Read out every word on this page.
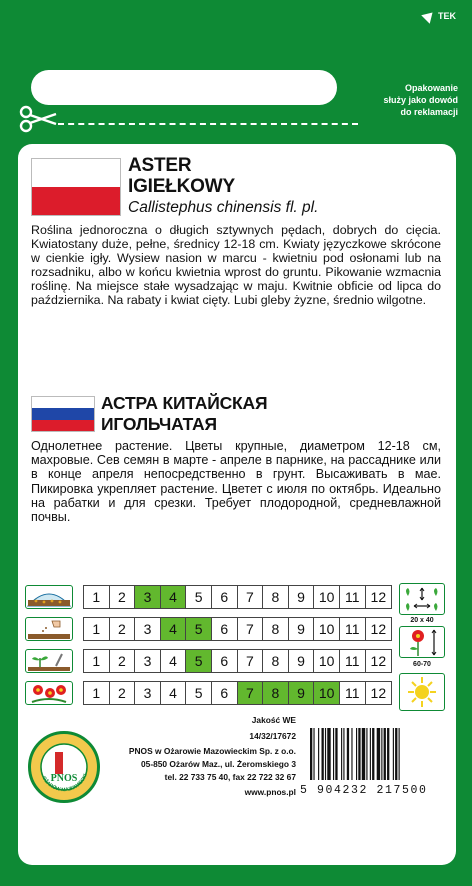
TEK
Opakowanie
służy jako dowód
do reklamacji
ASTER
IGIEŁKOWY
Callistephus chinensis fl. pl.
Roślina jednoroczna o długich sztywnych pędach, dobrych do cięcia. Kwiatostany duże, pełne, średnicy 12-18 cm. Kwiaty języczkowe skrócone w cienkie igły. Wysiew nasion w marcu - kwietniu pod osłonami lub na rozsadniku, albo w końcu kwietnia wprost do gruntu. Pikowanie wzmacnia roślinę. Na miejsce stałe wysadzając w maju. Kwitnie obficie od lipca do października. Na rabaty i kwiat cięty. Lubi gleby żyzne, średnio wilgotne.
АСТРА КИТАЙСКАЯ
ИГОЛЬЧАТАЯ
Однолетнее растение. Цветы крупные, диаметром 12-18 см, махровые. Сев семян в марте - апреле в парнике, на рассаднике или в конце апреля непосредственно в грунт. Высаживать в мае. Пикировка укрепляет растение. Цветет с июля по октябрь. Идеально на рабатки и для срезки. Требует плодородной, средневлажной почвы.
1	2	3	4	5	6	7	8	9 10 11 12
1	2	3	4	5	6	7	8	9 10 11 12
1	2	3	4	5	6	7	8	9 10 11 12
1	2	3	4	5	6	7	8	9 10 11 12
20 x 40
60-70
PNOS
OŻARÓW MAZOWIECKI
Jakość WE
14/32/17672
PNOS w Ożarowie Mazowieckim Sp. z o.o.
05-850 Ożarów Maz., ul. Żeromskiego 3
tel. 22 733 75 40, fax 22 722 32 67
www.pnos.pl 5 904232 217500
